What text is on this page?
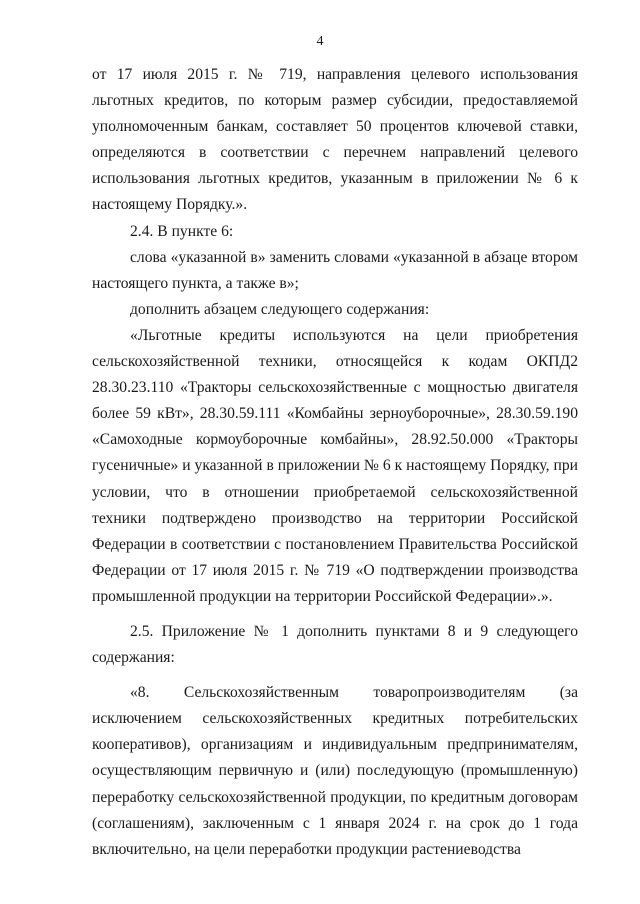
4

от 17 июля 2015 г. № 719, направления целевого использования льготных кредитов, по которым размер субсидии, предоставляемой уполномоченным банкам, составляет 50 процентов ключевой ставки, определяются в соответствии с перечнем направлений целевого использования льготных кредитов, указанным в приложении № 6 к настоящему Порядку.».

2.4. В пункте 6:

слова «указанной в» заменить словами «указанной в абзаце втором настоящего пункта, а также в»;

дополнить абзацем следующего содержания:

«Льготные кредиты используются на цели приобретения сельскохозяйственной техники, относящейся к кодам ОКПД2 28.30.23.110 «Тракторы сельскохозяйственные с мощностью двигателя более 59 кВт», 28.30.59.111 «Комбайны зерноуборочные», 28.30.59.190 «Самоходные кормоуборочные комбайны», 28.92.50.000 «Тракторы гусеничные» и указанной в приложении № 6 к настоящему Порядку, при условии, что в отношении приобретаемой сельскохозяйственной техники подтверждено производство на территории Российской Федерации в соответствии с постановлением Правительства Российской Федерации от 17 июля 2015 г. № 719 «О подтверждении производства промышленной продукции на территории Российской Федерации».».

2.5. Приложение № 1 дополнить пунктами 8 и 9 следующего содержания:

«8. Сельскохозяйственным товаропроизводителям (за исключением сельскохозяйственных кредитных потребительских кооперативов), организациям и индивидуальным предпринимателям, осуществляющим первичную и (или) последующую (промышленную) переработку сельскохозяйственной продукции, по кредитным договорам (соглашениям), заключенным с 1 января 2024 г. на срок до 1 года включительно, на цели переработки продукции растениеводства
